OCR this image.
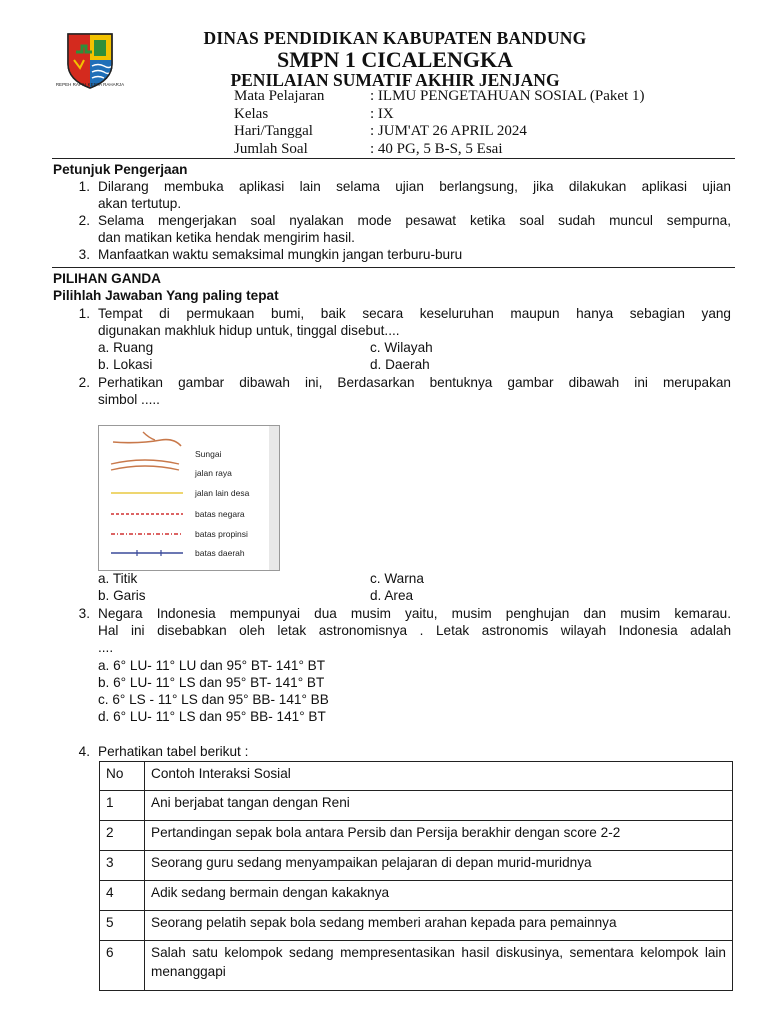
REPEH RAPIH KERTA RAHARJA
DINAS PENDIDIKAN KABUPATEN BANDUNG
SMPN 1 CICALENGKA
PENILAIAN SUMATIF AKHIR JENJANG
Mata Pelajaran	: ILMU PENGETAHUAN SOSIAL (Paket 1)
Kelas	: IX
Hari/Tanggal	: JUM'AT 26 APRIL 2024
Jumlah Soal	: 40 PG, 5 B-S, 5 Esai
Petunjuk Pengerjaan
1. Dilarang membuka aplikasi lain selama ujian berlangsung, jika dilakukan aplikasi ujian
akan tertutup.
2. Selama mengerjakan soal nyalakan mode pesawat ketika soal sudah muncul sempurna,
dan matikan ketika hendak mengirim hasil.
3. Manfaatkan waktu semaksimal mungkin jangan terburu-buru
PILIHAN GANDA
Pilihlah Jawaban Yang paling tepat
1. Tempat di permukaan bumi, baik secara keseluruhan maupun hanya sebagian yang
digunakan makhluk hidup untuk, tinggal disebut....
a. Ruang	c. Wilayah
b. Lokasi	d. Daerah
2. Perhatikan gambar dibawah ini, Berdasarkan bentuknya gambar dibawah ini merupakan
simbol .....
Sungai
jalan raya
jalan lain desa
batas negara
batas propinsi
batas daerah
a. Titik	c. Warna
b. Garis	d. Area
3. Negara Indonesia mempunyai dua musim yaitu, musim penghujan dan musim kemarau.
Hal ini disebabkan oleh letak astronomisnya . Letak astronomis wilayah Indonesia adalah
....
a. 6° LU- 11° LU dan 95° BT- 141° BT
b. 6° LU- 11° LS dan 95° BT- 141° BT
c. 6° LS - 11° LS dan 95° BB- 141° BB
d. 6° LU- 11° LS dan 95° BB- 141° BT
4. Perhatikan tabel berikut :
No	Contoh Interaksi Sosial
1	Ani berjabat tangan dengan Reni
2	Pertandingan sepak bola antara Persib dan Persija berakhir dengan score 2-2
3	Seorang guru sedang menyampaikan pelajaran di depan murid-muridnya
4	Adik sedang bermain dengan kakaknya
5	Seorang pelatih sepak bola sedang memberi arahan kepada para pemainnya
6	Salah satu kelompok sedang mempresentasikan hasil diskusinya, sementara kelompok lain menanggapi
